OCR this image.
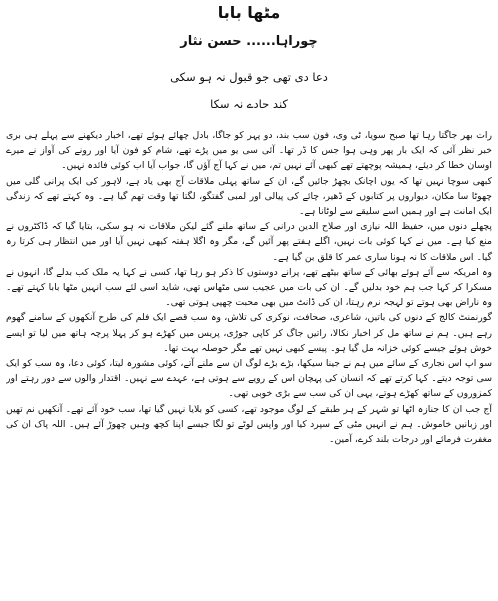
مٹھا بابا
چوراہا...... حسن نثار
دعا دی تھی جو قبول نہ ہو سکی
کند حادے نہ سکا

رات بھر جاگتا رہا تھا صبح سویا، ٹی وی، فون سب بند، دو پہر کو جاگا، بادل چھائے ہوئے تھے، اخبار دیکھنے سے پہلے ہی بری خبر نظر آئی کہ ایک بار پھر وہی ہوا جس کا ڈر تھا۔ آئی سی یو میں پڑے تھے، شام کو فون آیا اور رونے کی آواز نے میرے اوسان خطا کر دیئے، ہمیشہ پوچھتے تھے کبھی آئے نہیں تم، میں نے کہا آج آؤں گا، جواب آیا اب کوئی فائدہ نہیں۔

کبھی سوچا نہیں تھا کہ یوں اچانک بچھڑ جائیں گے، ان کے ساتھ پہلی ملاقات آج بھی یاد ہے، لاہور کی ایک پرانی گلی میں چھوٹا سا مکان، دیواروں پر کتابوں کے ڈھیر، چائے کی پیالی اور لمبی گفتگو، لگتا تھا وقت تھم گیا ہے۔ وہ کہتے تھے کہ زندگی ایک امانت ہے اور ہمیں اسے سلیقے سے لوٹانا ہے۔

پچھلے دنوں میں، حفیظ اللہ نیازی اور صلاح الدین درانی کے ساتھ ملنے گئے لیکن ملاقات نہ ہو سکی، بتایا گیا کہ ڈاکٹروں نے منع کیا ہے۔ میں نے کہا کوئی بات نہیں، اگلے ہفتے پھر آئیں گے، مگر وہ اگلا ہفتہ کبھی نہیں آیا اور میں انتظار ہی کرتا رہ گیا۔ اس ملاقات کا نہ ہونا ساری عمر کا قلق بن گیا ہے۔

وہ امریکہ سے آئے ہوئے بھائی کے ساتھ بیٹھے تھے، پرانے دوستوں کا ذکر ہو رہا تھا، کسی نے کہا یہ ملک کب بدلے گا، انہوں نے مسکرا کر کہا جب ہم خود بدلیں گے۔ ان کی بات میں عجیب سی مٹھاس تھی، شاید اسی لئے سب انہیں مٹھا بابا کہتے تھے۔ وہ ناراض بھی ہوتے تو لہجہ نرم رہتا، ان کی ڈانٹ میں بھی محبت چھپی ہوتی تھی۔

گورنمنٹ کالج کے دنوں کی باتیں، شاعری، صحافت، نوکری کی تلاش، وہ سب قصے ایک فلم کی طرح آنکھوں کے سامنے گھوم رہے ہیں۔ ہم نے ساتھ مل کر اخبار نکالا، راتیں جاگ کر کاپی جوڑی، پریس میں کھڑے ہو کر پہلا پرچہ ہاتھ میں لیا تو ایسے خوش ہوئے جیسے کوئی خزانہ مل گیا ہو۔ پیسے کبھی نہیں تھے مگر حوصلہ بہت تھا۔

سو اپ اس نجاری کے سائے میں ہم نے جینا سیکھا، بڑے بڑے لوگ ان سے ملنے آتے، کوئی مشورہ لیتا، کوئی دعا، وہ سب کو ایک سی توجہ دیتے۔ کہا کرتے تھے کہ انسان کی پہچان اس کے رویے سے ہوتی ہے، عہدے سے نہیں۔ اقتدار والوں سے دور رہتے اور کمزوروں کے ساتھ کھڑے ہوتے، یہی ان کی سب سے بڑی خوبی تھی۔

آج جب ان کا جنازہ اٹھا تو شہر کے ہر طبقے کے لوگ موجود تھے، کسی کو بلایا نہیں گیا تھا، سب خود آئے تھے۔ آنکھیں نم تھیں اور زبانیں خاموش۔ ہم نے انہیں مٹی کے سپرد کیا اور واپس لوٹے تو لگا جیسے اپنا کچھ وہیں چھوڑ آئے ہیں۔ اللہ پاک ان کی مغفرت فرمائے اور درجات بلند کرے، آمین۔
